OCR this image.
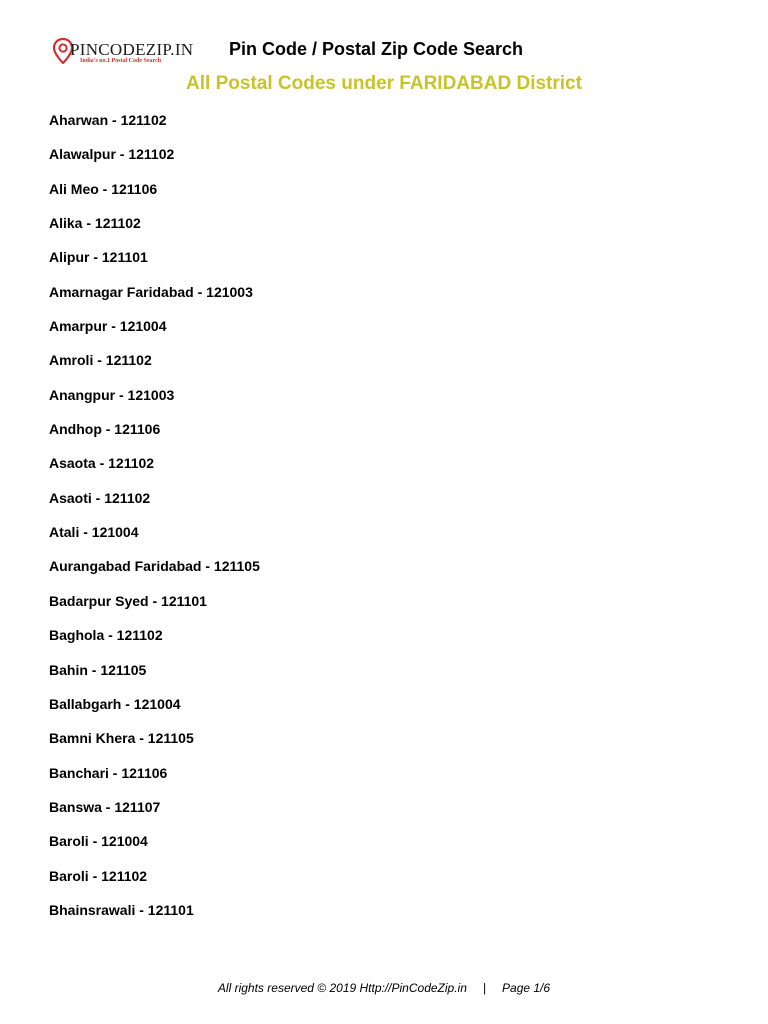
PINCODEZIP.IN
India's no.1 Postal Code Search
Pin Code / Postal Zip Code Search
All Postal Codes under FARIDABAD District
Aharwan - 121102
Alawalpur - 121102
Ali Meo - 121106
Alika - 121102
Alipur - 121101
Amarnagar Faridabad - 121003
Amarpur - 121004
Amroli - 121102
Anangpur - 121003
Andhop - 121106
Asaota - 121102
Asaoti - 121102
Atali - 121004
Aurangabad Faridabad - 121105
Badarpur Syed - 121101
Baghola - 121102
Bahin - 121105
Ballabgarh - 121004
Bamni Khera - 121105
Banchari - 121106
Banswa - 121107
Baroli - 121004
Baroli - 121102
Bhainsrawali - 121101
All rights reserved © 2019 Http://PinCodeZip.in | Page 1/6
